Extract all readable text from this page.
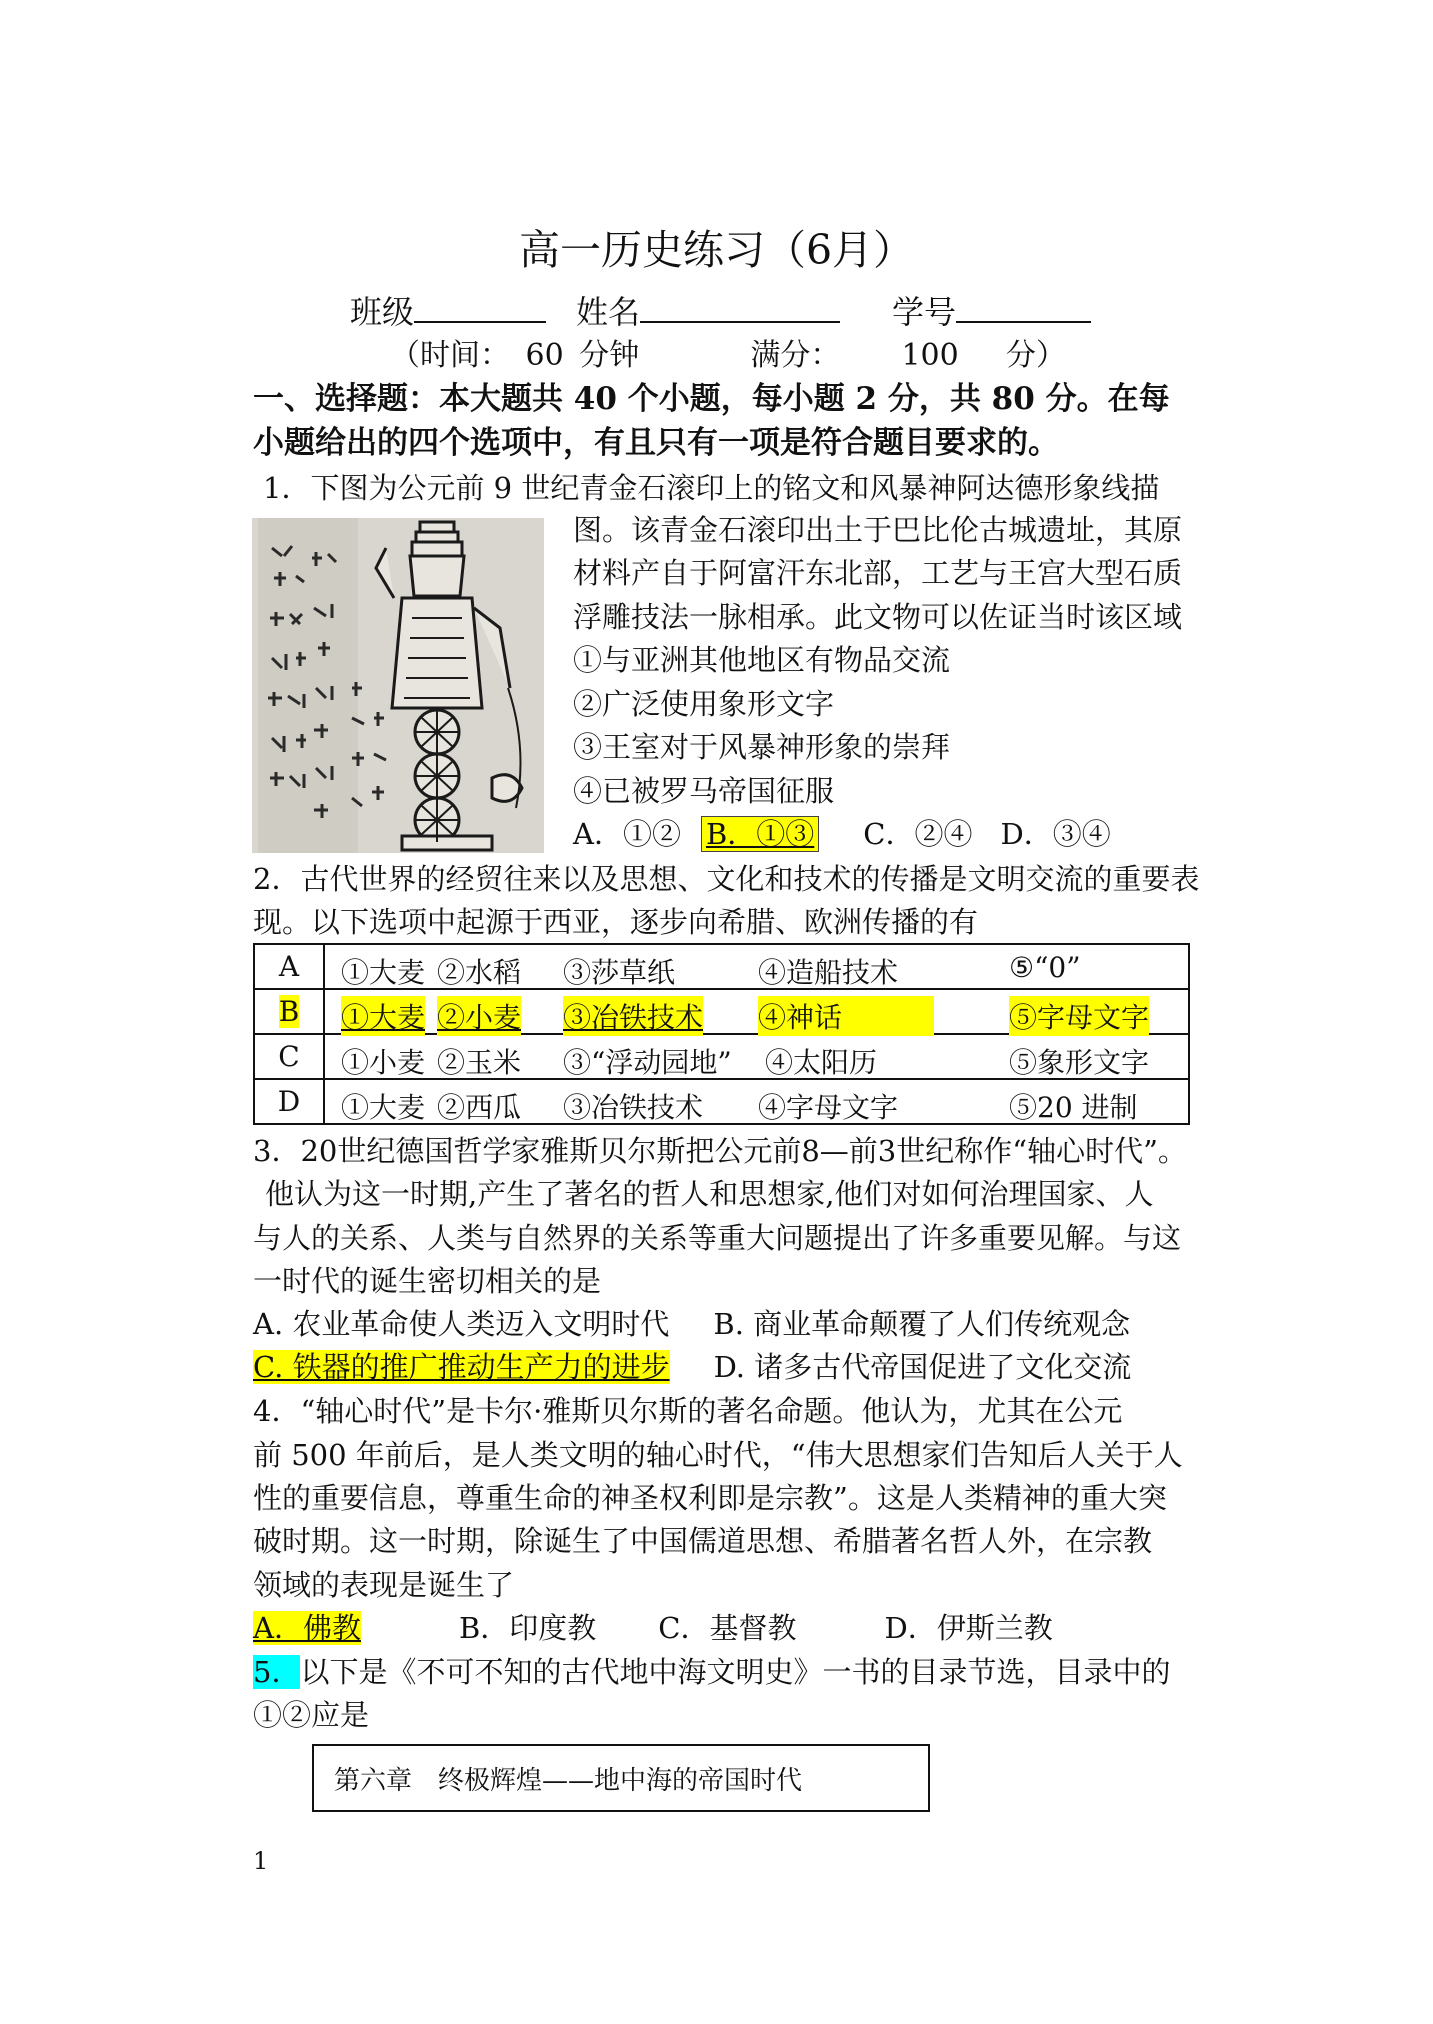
高一历史练习（6月）
班级	姓名	学号
（时间： 60 分钟	满分： 100 分）
一、选择题：本大题共 40 个小题，每小题 2 分，共 80 分。在每
小题给出的四个选项中，有且只有一项是符合题目要求的。
1．下图为公元前 9 世纪青金石滚印上的铭文和风暴神阿达德形象线描
图。该青金石滚印出土于巴比伦古城遗址，其原
材料产自于阿富汗东北部，工艺与王宫大型石质
浮雕技法一脉相承。此文物可以佐证当时该区域
①与亚洲其他地区有物品交流
②广泛使用象形文字
③王室对于风暴神形象的崇拜
④已被罗马帝国征服
A．①② B．①③ C．②④ D．③④
2．古代世界的经贸往来以及思想、文化和技术的传播是文明交流的重要表
现。以下选项中起源于西亚，逐步向希腊、欧洲传播的有
A	①大麦 ②水稻 ③莎草纸 ④造船技术 ⑤“0”

B	①大麦 ②小麦 ③冶铁技术 ④神话 ⑤字母文字

C	①小麦 ②玉米 ③“浮动园地” ④太阳历 ⑤象形文字

D	①大麦 ②西瓜 ③冶铁技术 ④字母文字 ⑤20 进制
3．20世纪德国哲学家雅斯贝尔斯把公元前8—前3世纪称作“轴心时代”。
他认为这一时期,产生了著名的哲人和思想家,他们对如何治理国家、人
与人的关系、人类与自然界的关系等重大问题提出了许多重要见解。与这
一时代的诞生密切相关的是
A. 农业革命使人类迈入文明时代 B. 商业革命颠覆了人们传统观念
C. 铁器的推广推动生产力的进步 D. 诸多古代帝国促进了文化交流
4．“轴心时代”是卡尔·雅斯贝尔斯的著名命题。他认为，尤其在公元
前 500 年前后，是人类文明的轴心时代，“伟大思想家们告知后人关于人
性的重要信息，尊重生命的神圣权利即是宗教”。这是人类精神的重大突
破时期。这一时期，除诞生了中国儒道思想、希腊著名哲人外，在宗教
领域的表现是诞生了
A．佛教	B．印度教 C．基督教	D．伊斯兰教
5．以下是《不可不知的古代地中海文明史》一书的目录节选，目录中的
①②应是
第六章　终极辉煌——地中海的帝国时代
1
